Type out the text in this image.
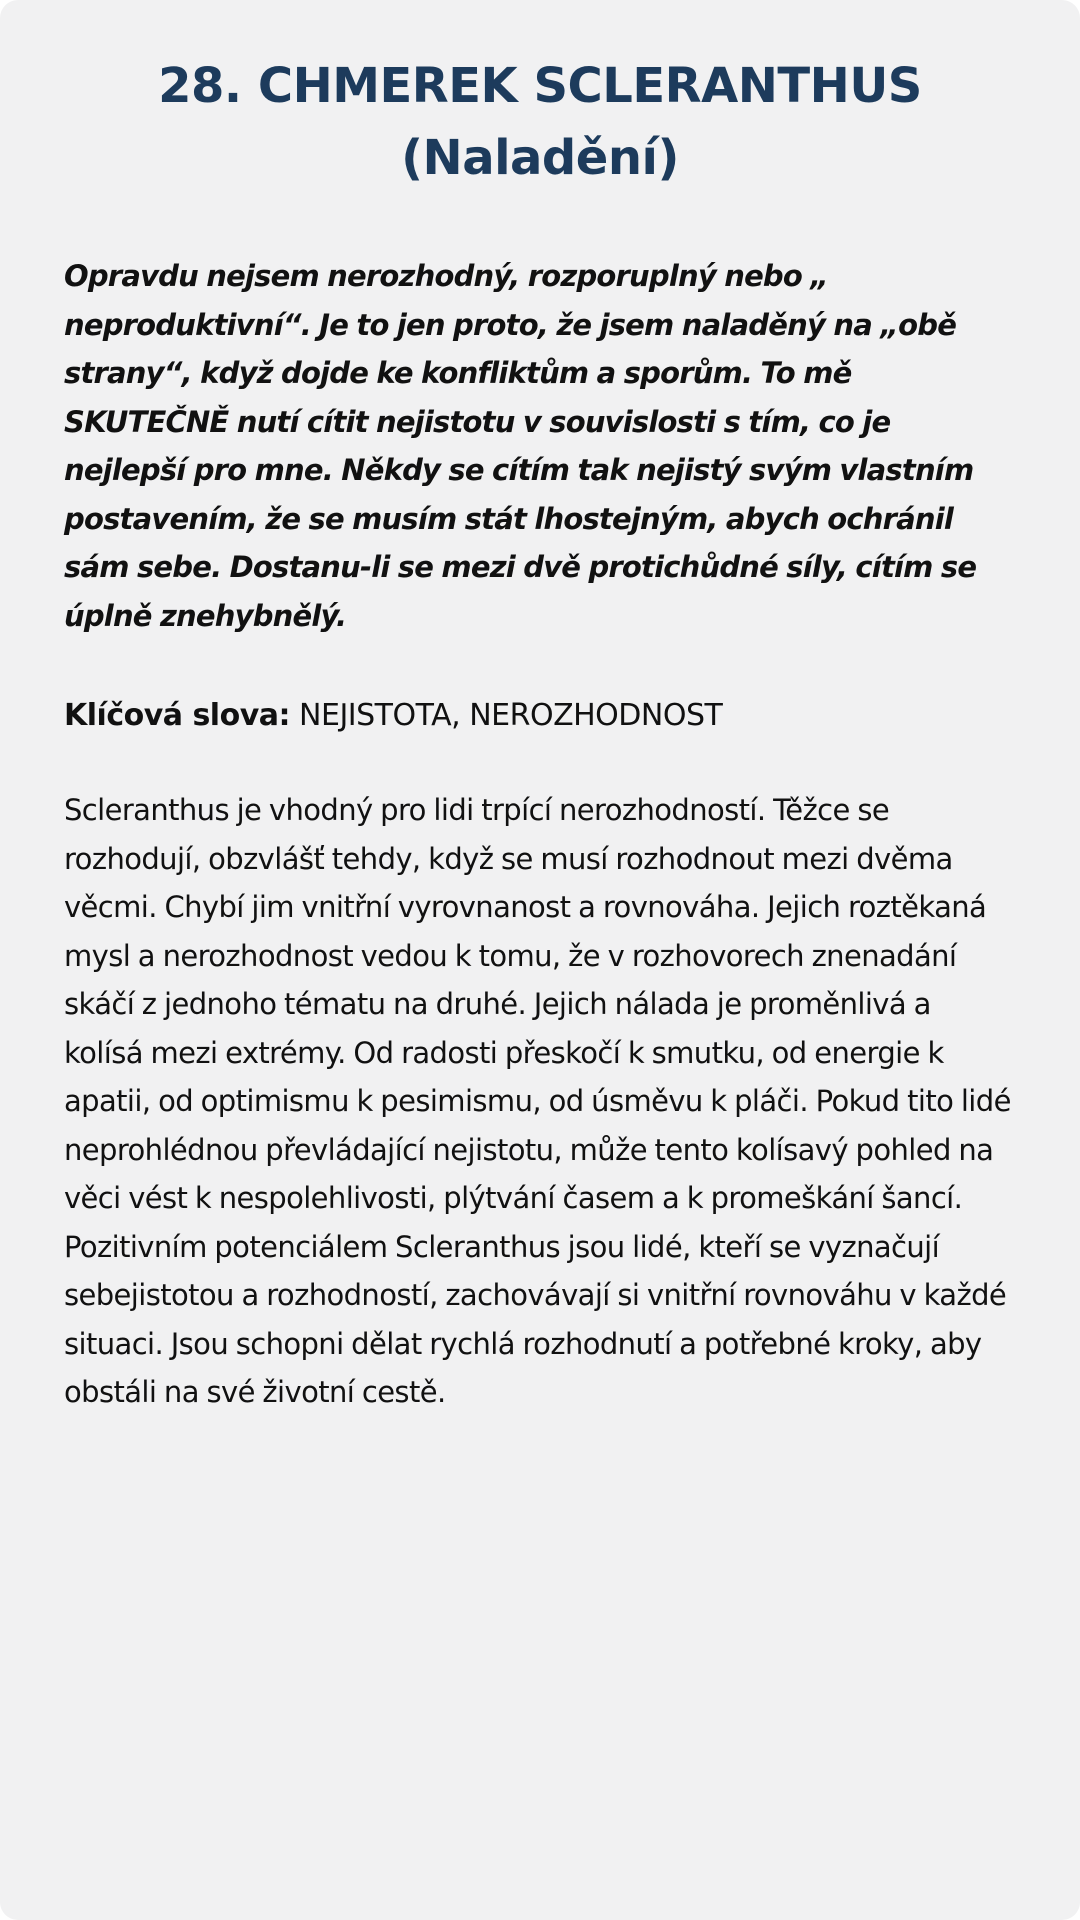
28. CHMEREK SCLERANTHUS
(Naladění)

Opravdu nejsem nerozhodný, rozporuplný nebo „ neproduktivní“. Je to jen proto, že jsem naladěný na „obě strany“, když dojde ke konfliktům a sporům. To mě SKUTEČNĚ nutí cítit nejistotu v souvislosti s tím, co je nejlepší pro mne. Někdy se cítím tak nejistý svým vlastním postavením, že se musím stát lhostejným, abych ochránil sám sebe. Dostanu-li se mezi dvě protichůdné síly, cítím se úplně znehybnělý.

Klíčová slova: NEJISTOTA, NEROZHODNOST

Scleranthus je vhodný pro lidi trpící nerozhodností. Těžce se rozhodují, obzvlášť tehdy, když se musí rozhodnout mezi dvěma věcmi. Chybí jim vnitřní vyrovnanost a rovnováha. Jejich roztěkaná mysl a nerozhodnost vedou k tomu, že v rozhovorech znenadání skáčí z jednoho tématu na druhé. Jejich nálada je proměnlivá a kolísá mezi extrémy. Od radosti přeskočí k smutku, od energie k apatii, od optimismu k pesimismu, od úsměvu k pláči. Pokud tito lidé neprohlédnou převládající nejistotu, může tento kolísavý pohled na věci vést k nespolehlivosti, plýtvání časem a k promeškání šancí. Pozitivním potenciálem Scleranthus jsou lidé, kteří se vyznačují sebejistotou a rozhodností, zachovávají si vnitřní rovnováhu v každé situaci. Jsou schopni dělat rychlá rozhodnutí a potřebné kroky, aby obstáli na své životní cestě.
